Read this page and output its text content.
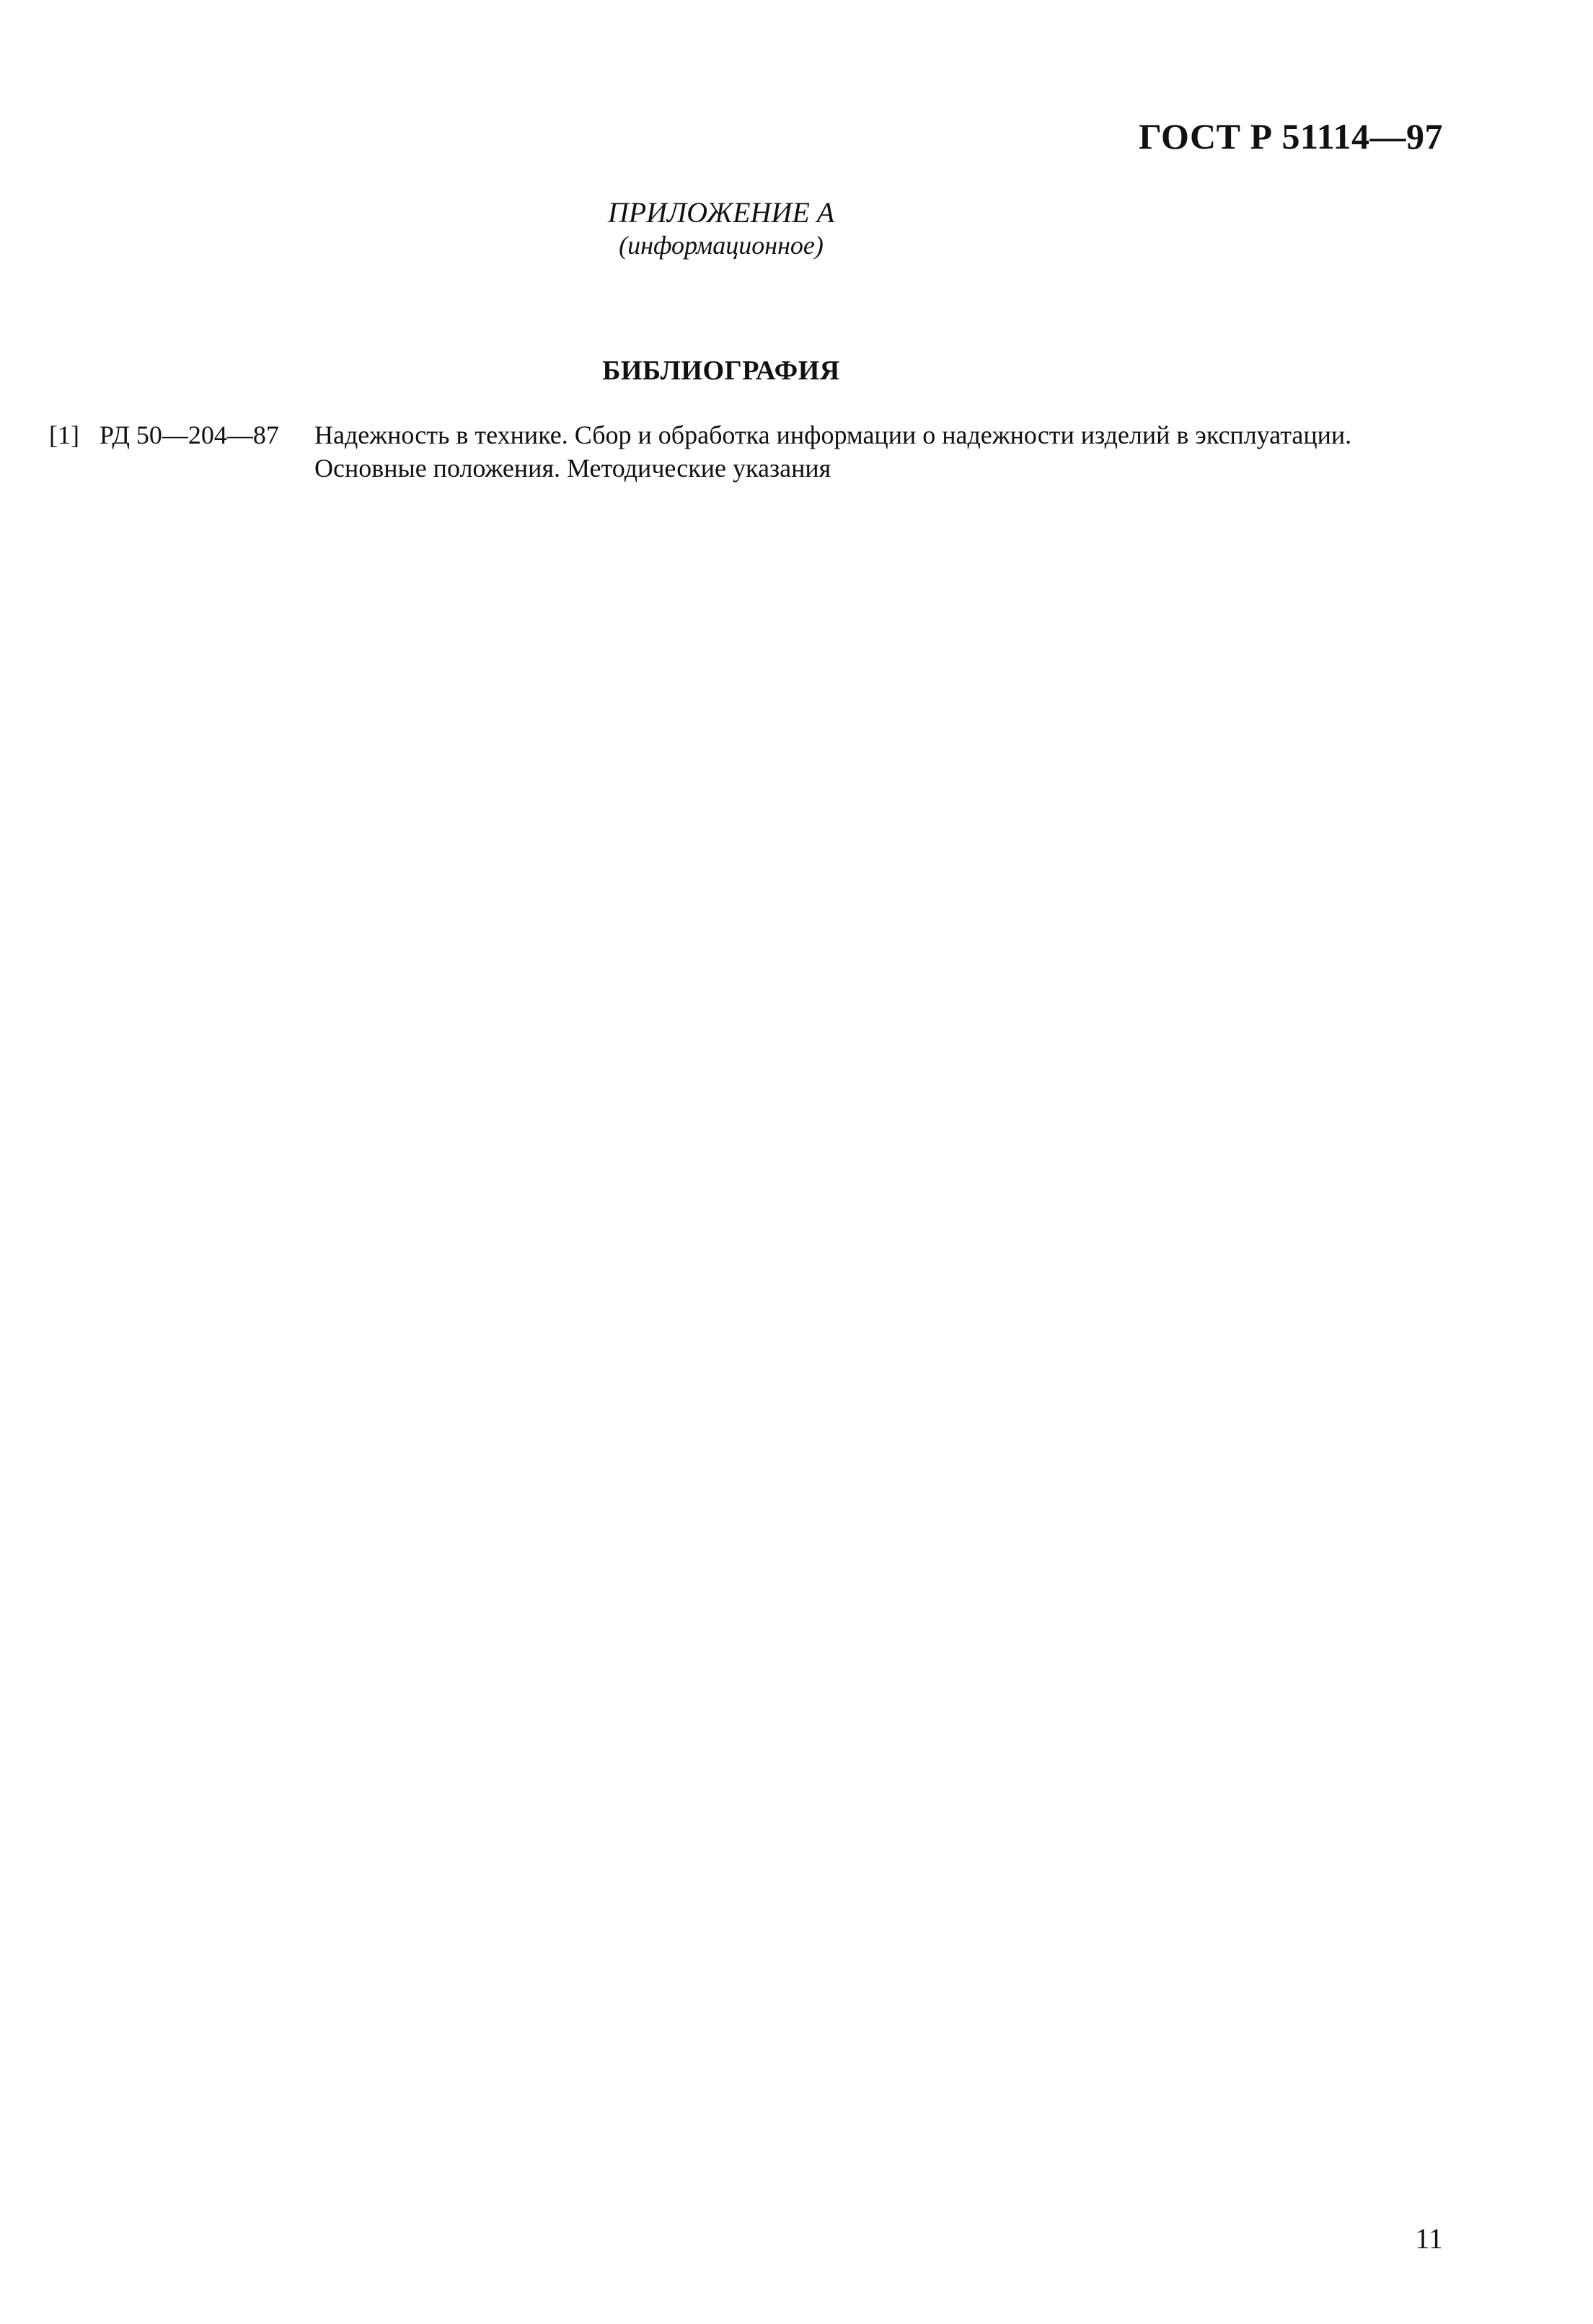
ГОСТ Р 51114—97
ПРИЛОЖЕНИЕ А
(информационное)
БИБЛИОГРАФИЯ
[1] РД 50—204—87	Надежность в технике. Сбор и обработка информации о надежности изделий в эксплуатации. Основные положения. Методические указания
11
